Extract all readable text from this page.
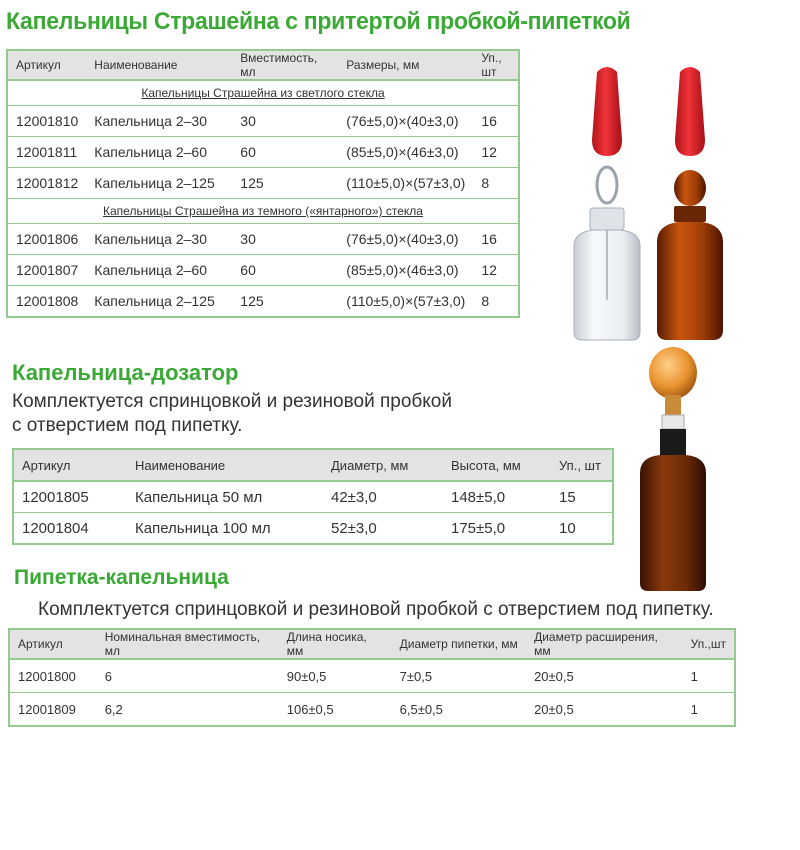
Капельницы Страшейна с притертой пробкой-пипеткой
Артикул	Наименование	Вместимость, мл	Размеры, мм	Уп., шт
Капельницы Страшейна из светлого стекла				
12001810	Капельница 2–30	30	(76±5,0)×(40±3,0)	16
12001811	Капельница 2–60	60	(85±5,0)×(46±3,0)	12
12001812	Капельница 2–125	125	(110±5,0)×(57±3,0)	8
Капельницы Страшейна из темного («янтарного») стекла				
12001806	Капельница 2–30	30	(76±5,0)×(40±3,0)	16
12001807	Капельница 2–60	60	(85±5,0)×(46±3,0)	12
12001808	Капельница 2–125	125	(110±5,0)×(57±3,0)	8
Капельница-дозатор
Комплектуется спринцовкой и резиновой пробкой
с отверстием под пипетку.
Артикул	Наименование	Диаметр, мм	Высота, мм	Уп., шт
12001805	Капельница 50 мл	42±3,0	148±5,0	15
12001804	Капельница 100 мл	52±3,0	175±5,0	10
Пипетка-капельница
Комплектуется спринцовкой и резиновой пробкой с отверстием под пипетку.
Артикул	Номинальная вместимость, мл	Длина носика, мм	Диаметр пипетки, мм	Диаметр расширения, мм	Уп.,шт
12001800	6	90±0,5	7±0,5	20±0,5	1
12001809	6,2	106±0,5	6,5±0,5	20±0,5	1
